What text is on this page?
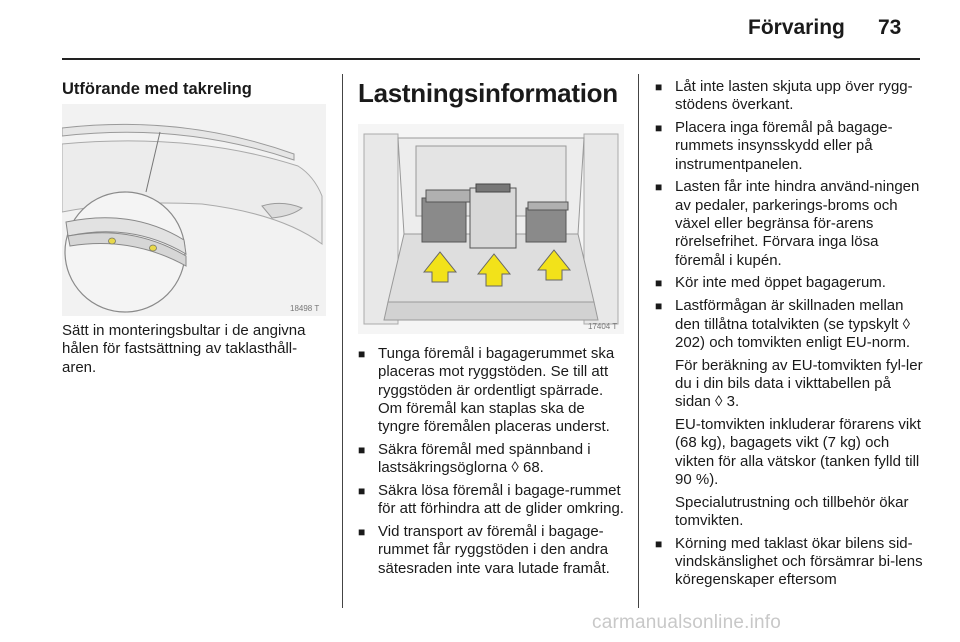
Förvaring 73
Utförande med takreling
18498 T

Sätt in monteringsbultar i de angivna hålen för fastsättning av taklasthåll-aren.

Lastningsinformation
17404 T
■ Tunga föremål i bagagerummet ska placeras mot ryggstöden. Se till att ryggstöden är ordentligt spärrade. Om föremål kan staplas ska de tyngre föremålen placeras underst.
■ Säkra föremål med spännband i lastsäkringsöglorna ◊ 68.
■ Säkra lösa föremål i bagage-rummet för att förhindra att de glider omkring.
■ Vid transport av föremål i bagage-rummet får ryggstöden i den andra sätesraden inte vara lutade framåt.
■ Låt inte lasten skjuta upp över rygg-stödens överkant.
■ Placera inga föremål på bagage-rummets insynsskydd eller på instrumentpanelen.
■ Lasten får inte hindra använd-ningen av pedaler, parkerings-broms och växel eller begränsa för-arens rörelsefrihet. Förvara inga lösa föremål i kupén.
■ Kör inte med öppet bagagerum.
■ Lastförmågan är skillnaden mellan den tillåtna totalvikten (se typskylt ◊ 202) och tomvikten enligt EU-norm.

För beräkning av EU-tomvikten fyl-ler du i din bils data i vikttabellen på sidan ◊ 3.

EU-tomvikten inkluderar förarens vikt (68 kg), bagagets vikt (7 kg) och vikten för alla vätskor (tanken fylld till 90 %).

Specialutrustning och tillbehör ökar tomvikten.

■ Körning med taklast ökar bilens sid-vindskänslighet och försämrar bi-lens köregenskaper eftersom
carmanualsonline.info
